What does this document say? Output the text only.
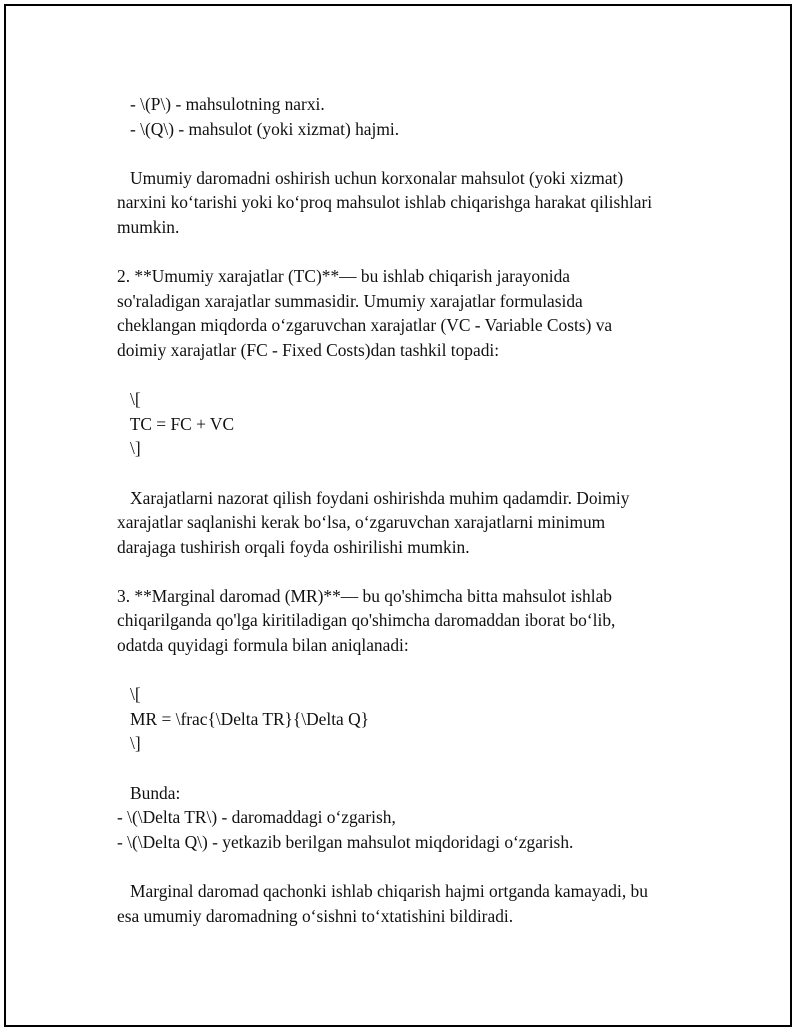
- \(P\) - mahsulotning narxi.
- \(Q\) - mahsulot (yoki xizmat) hajmi.
Umumiy daromadni oshirish uchun korxonalar mahsulot (yoki xizmat)
narxini ko‘tarishi yoki ko‘proq mahsulot ishlab chiqarishga harakat qilishlari
mumkin.
2. **Umumiy xarajatlar (TC)**— bu ishlab chiqarish jarayonida
so'raladigan xarajatlar summasidir. Umumiy xarajatlar formulasida
cheklangan miqdorda o‘zgaruvchan xarajatlar (VC - Variable Costs) va
doimiy xarajatlar (FC - Fixed Costs)dan tashkil topadi:
\[
TC = FC + VC
\]
Xarajatlarni nazorat qilish foydani oshirishda muhim qadamdir. Doimiy
xarajatlar saqlanishi kerak bo‘lsa, o‘zgaruvchan xarajatlarni minimum
darajaga tushirish orqali foyda oshirilishi mumkin.
3. **Marginal daromad (MR)**— bu qo'shimcha bitta mahsulot ishlab
chiqarilganda qo'lga kiritiladigan qo'shimcha daromaddan iborat bo‘lib,
odatda quyidagi formula bilan aniqlanadi:
\[
MR = \frac{\Delta TR}{\Delta Q}
\]
Bunda:
- \(\Delta TR\) - daromaddagi o‘zgarish,
- \(\Delta Q\) - yetkazib berilgan mahsulot miqdoridagi o‘zgarish.
Marginal daromad qachonki ishlab chiqarish hajmi ortganda kamayadi, bu
esa umumiy daromadning o‘sishni to‘xtatishini bildiradi.
